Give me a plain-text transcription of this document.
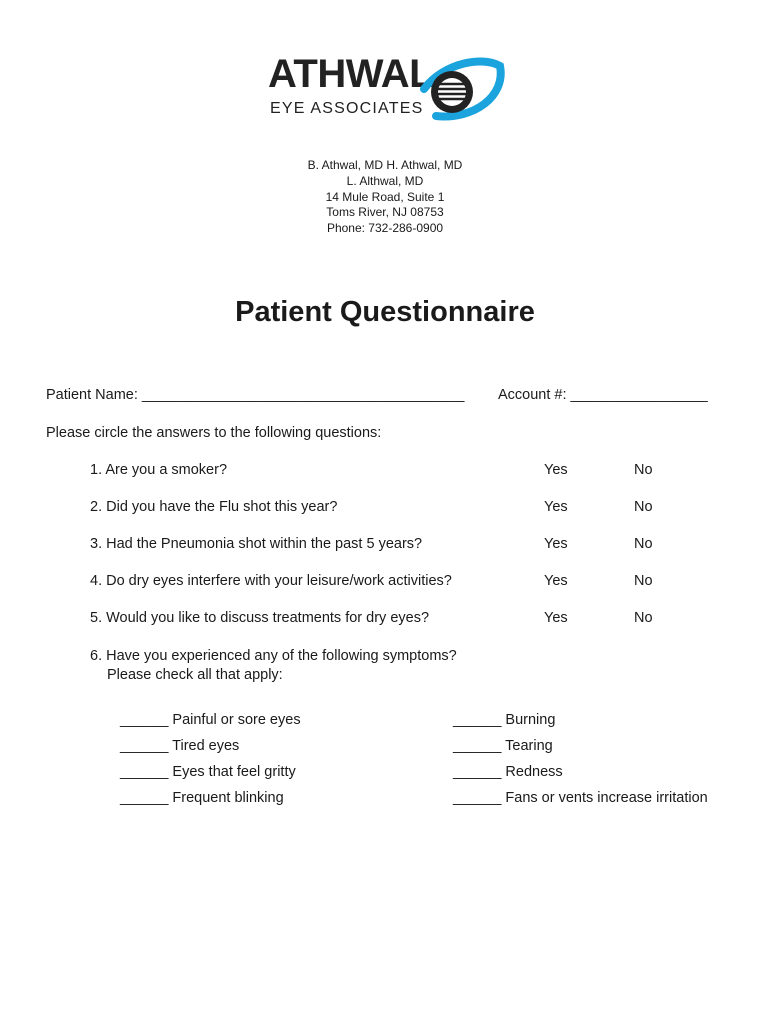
ATHWAL
EYE ASSOCIATES
B. Athwal, MD H. Athwal, MD
L. Althwal, MD
14 Mule Road, Suite 1
Toms River, NJ 08753
Phone: 732-286-0900
Patient Questionnaire
Patient Name: ________________________________________ Account #: _________________
Please circle the answers to the following questions:
1. Are you a smoker?	Yes	No
2. Did you have the Flu shot this year?	Yes	No
3. Had the Pneumonia shot within the past 5 years?	Yes	No
4. Do dry eyes interfere with your leisure/work activities?	Yes	No
5. Would you like to discuss treatments for dry eyes?	Yes	No
6. Have you experienced any of the following symptoms?
Please check all that apply:
______ Painful or sore eyes
______ Tired eyes
______ Eyes that feel gritty
______ Frequent blinking
______ Burning
______ Tearing
______ Redness
______ Fans or vents increase irritation
